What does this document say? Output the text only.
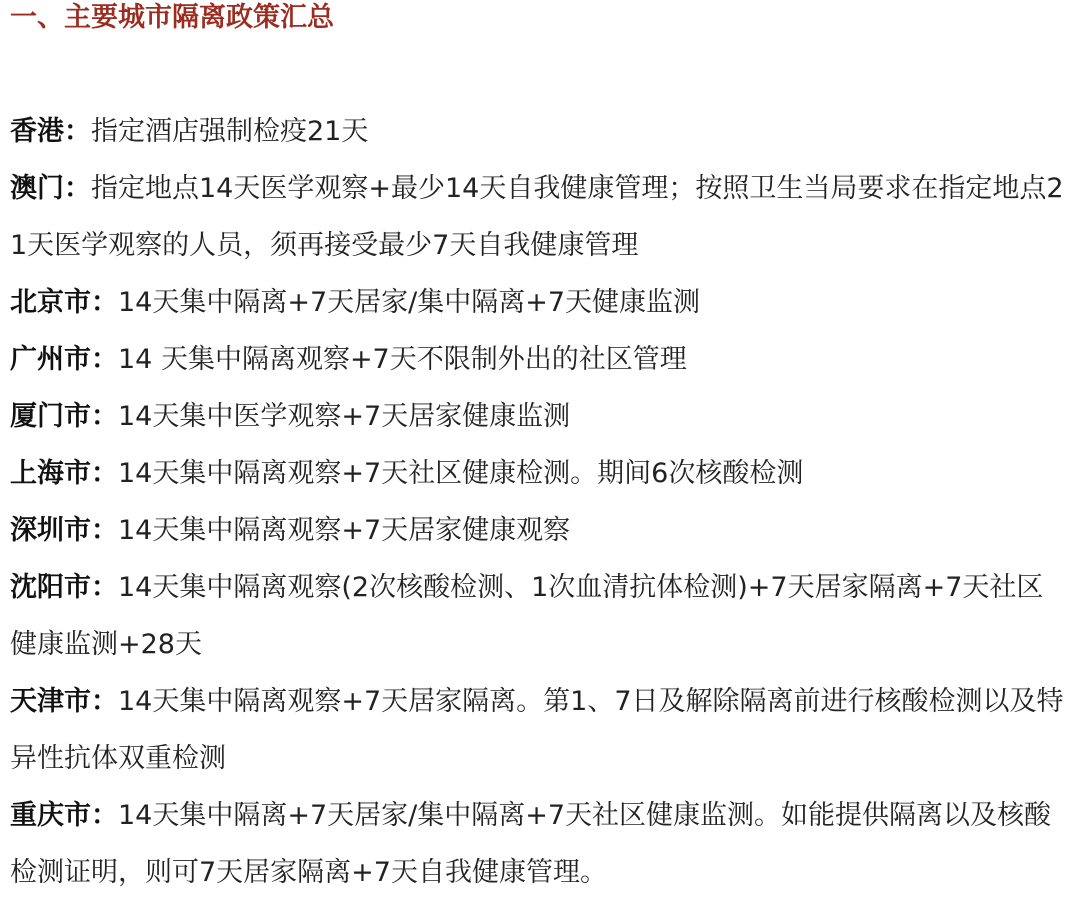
一、主要城市隔离政策汇总
香港：指定酒店强制检疫21天
澳门：指定地点14天医学观察+最少14天自我健康管理；按照卫生当局要求在指定地点21天医学观察的人员，须再接受最少7天自我健康管理
北京市：14天集中隔离+7天居家/集中隔离+7天健康监测
广州市：14 天集中隔离观察+7天不限制外出的社区管理
厦门市：14天集中医学观察+7天居家健康监测
上海市：14天集中隔离观察+7天社区健康检测。期间6次核酸检测
深圳市：14天集中隔离观察+7天居家健康观察
沈阳市：14天集中隔离观察(2次核酸检测、1次血清抗体检测)+7天居家隔离+7天社区健康监测+28天
天津市：14天集中隔离观察+7天居家隔离。第1、7日及解除隔离前进行核酸检测以及特异性抗体双重检测
重庆市：14天集中隔离+7天居家/集中隔离+7天社区健康监测。如能提供隔离以及核酸检测证明，则可7天居家隔离+7天自我健康管理。
